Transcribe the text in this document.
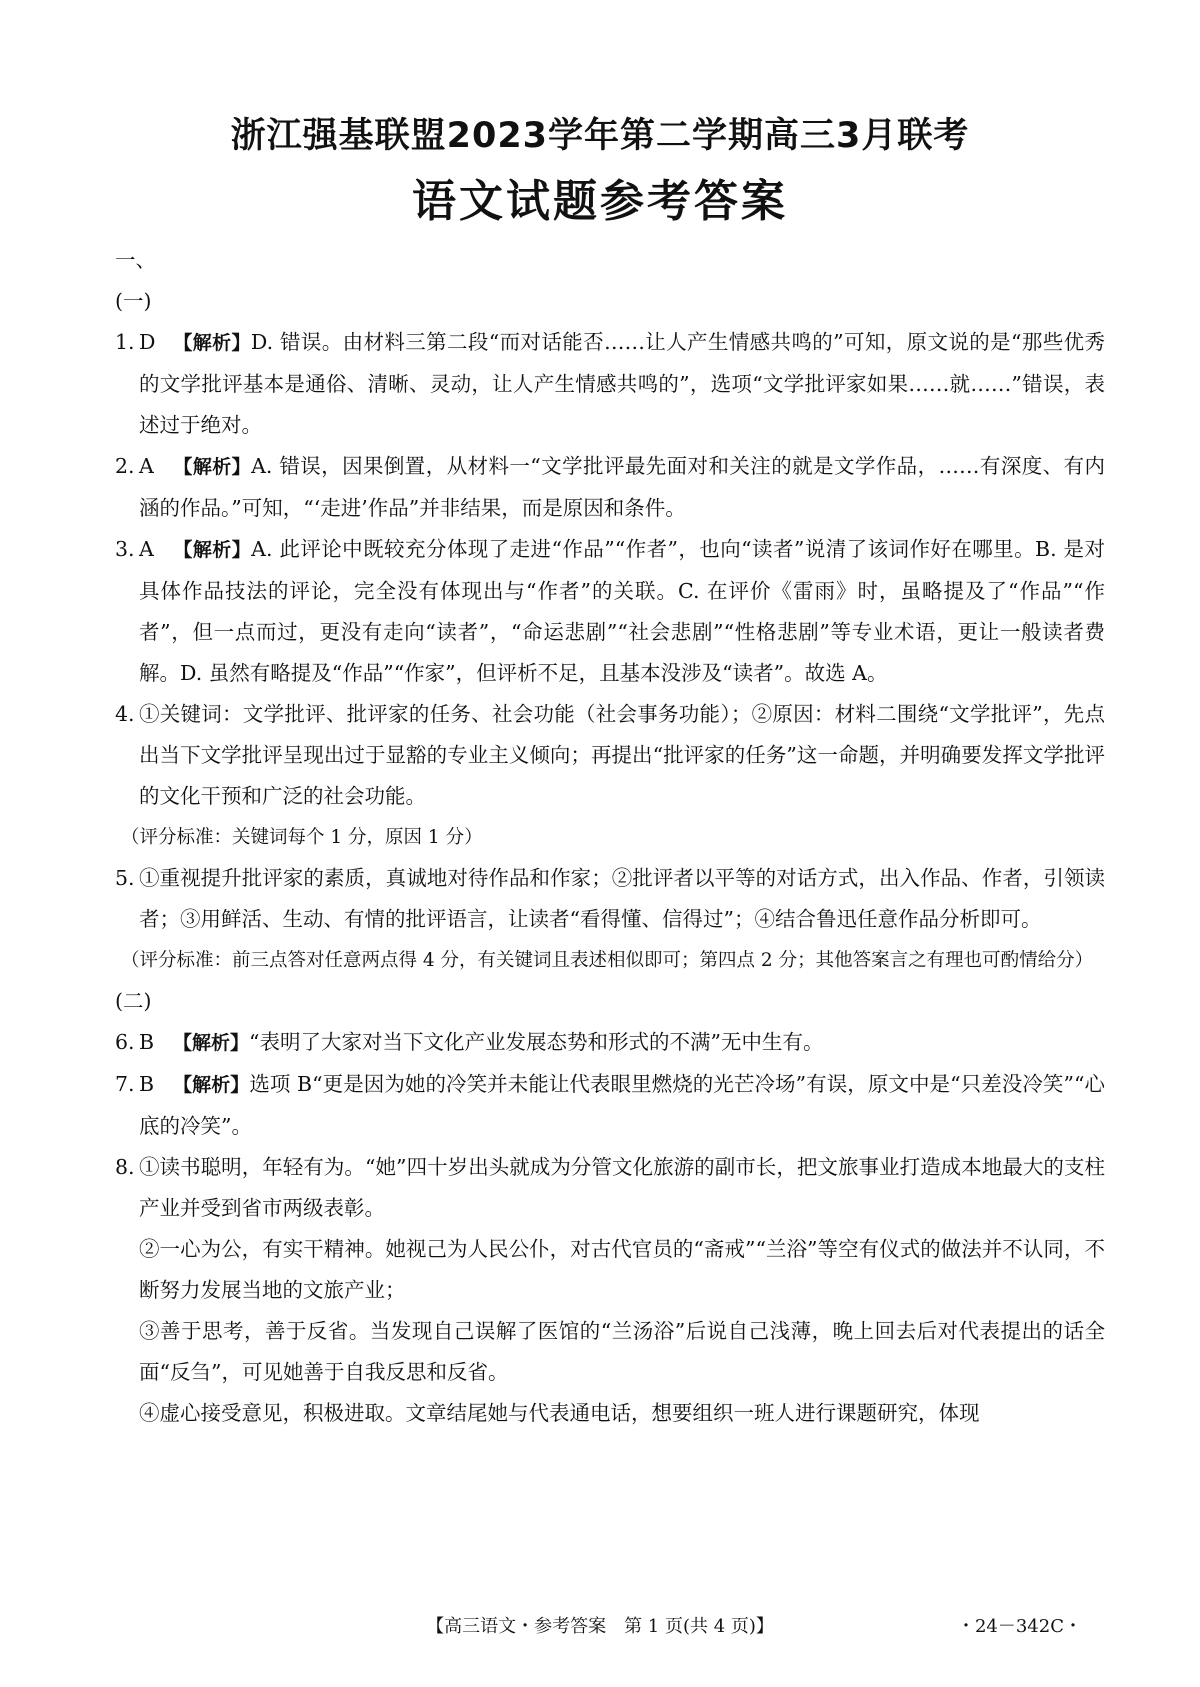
浙江强基联盟2023学年第二学期高三3月联考
语文试题参考答案
一、
(一)
1. D 【解析】D. 错误。由材料三第二段“而对话能否……让人产生情感共鸣的”可知，原文说的是“那些优秀的文学批评基本是通俗、清晰、灵动，让人产生情感共鸣的”，选项“文学批评家如果……就……”错误，表述过于绝对。
2. A 【解析】A. 错误，因果倒置，从材料一“文学批评最先面对和关注的就是文学作品，……有深度、有内涵的作品。”可知，“‘走进’作品”并非结果，而是原因和条件。
3. A 【解析】A. 此评论中既较充分体现了走进“作品”“作者”，也向“读者”说清了该词作好在哪里。B. 是对具体作品技法的评论，完全没有体现出与“作者”的关联。C. 在评价《雷雨》时，虽略提及了“作品”“作者”，但一点而过，更没有走向“读者”，“命运悲剧”“社会悲剧”“性格悲剧”等专业术语，更让一般读者费解。D. 虽然有略提及“作品”“作家”，但评析不足，且基本没涉及“读者”。故选 A。
4. ①关键词：文学批评、批评家的任务、社会功能（社会事务功能）；②原因：材料二围绕“文学批评”，先点出当下文学批评呈现出过于显豁的专业主义倾向；再提出“批评家的任务”这一命题，并明确要发挥文学批评的文化干预和广泛的社会功能。
（评分标准：关键词每个 1 分，原因 1 分）
5. ①重视提升批评家的素质，真诚地对待作品和作家；②批评者以平等的对话方式，出入作品、作者，引领读者；③用鲜活、生动、有情的批评语言，让读者“看得懂、信得过”；④结合鲁迅任意作品分析即可。
（评分标准：前三点答对任意两点得 4 分，有关键词且表述相似即可；第四点 2 分；其他答案言之有理也可酌情给分）
(二)
6. B 【解析】“表明了大家对当下文化产业发展态势和形式的不满”无中生有。
7. B 【解析】选项 B“更是因为她的冷笑并未能让代表眼里燃烧的光芒冷场”有误，原文中是“只差没冷笑”“心底的冷笑”。
8. ①读书聪明，年轻有为。“她”四十岁出头就成为分管文化旅游的副市长，把文旅事业打造成本地最大的支柱产业并受到省市两级表彰。
②一心为公，有实干精神。她视己为人民公仆，对古代官员的“斋戒”“兰浴”等空有仪式的做法并不认同，不断努力发展当地的文旅产业；
③善于思考，善于反省。当发现自己误解了医馆的“兰汤浴”后说自己浅薄，晚上回去后对代表提出的话全面“反刍”，可见她善于自我反思和反省。
④虚心接受意见，积极进取。文章结尾她与代表通电话，想要组织一班人进行课题研究，体现
【高三语文・参考答案　第 1 页(共 4 页)】	・24－342C・
